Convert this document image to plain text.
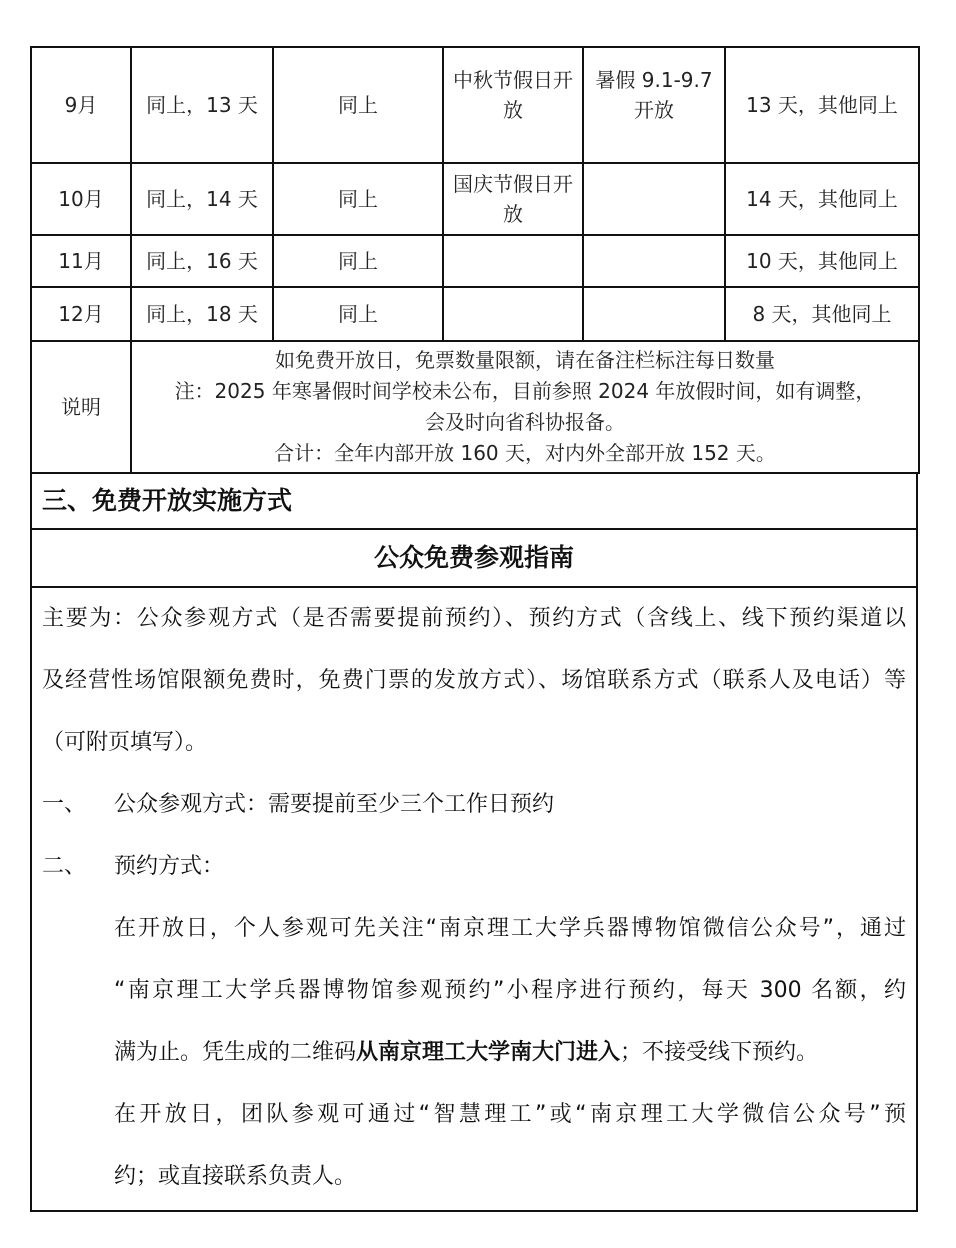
9月	同上，13 天	同上	中秋节假日开放	暑假 9.1-9.7 开放	13 天，其他同上
10月	同上，14 天	同上	国庆节假日开放		14 天，其他同上
11月	同上，16 天	同上			10 天，其他同上
12月	同上，18 天	同上			8 天，其他同上
说明	如免费开放日，免票数量限额，请在备注栏标注每日数量
注：2025 年寒暑假时间学校未公布，目前参照 2024 年放假时间，如有调整，
会及时向省科协报备。
合计：全年内部开放 160 天，对内外全部开放 152 天。				
三、免费开放实施方式
公众免费参观指南

主要为：公众参观方式（是否需要提前预约）、预约方式（含线上、线下预约渠道以

及经营性场馆限额免费时，免费门票的发放方式）、场馆联系方式（联系人及电话）等

（可附页填写）。

一、 公众参观方式：需要提前至少三个工作日预约

二、 预约方式：

在开放日，个人参观可先关注“南京理工大学兵器博物馆微信公众号”，通过

“南京理工大学兵器博物馆参观预约”小程序进行预约，每天 300 名额，约

满为止。凭生成的二维码从南京理工大学南大门进入；不接受线下预约。

在开放日，团队参观可通过“智慧理工”或“南京理工大学微信公众号”预

约；或直接联系负责人。
